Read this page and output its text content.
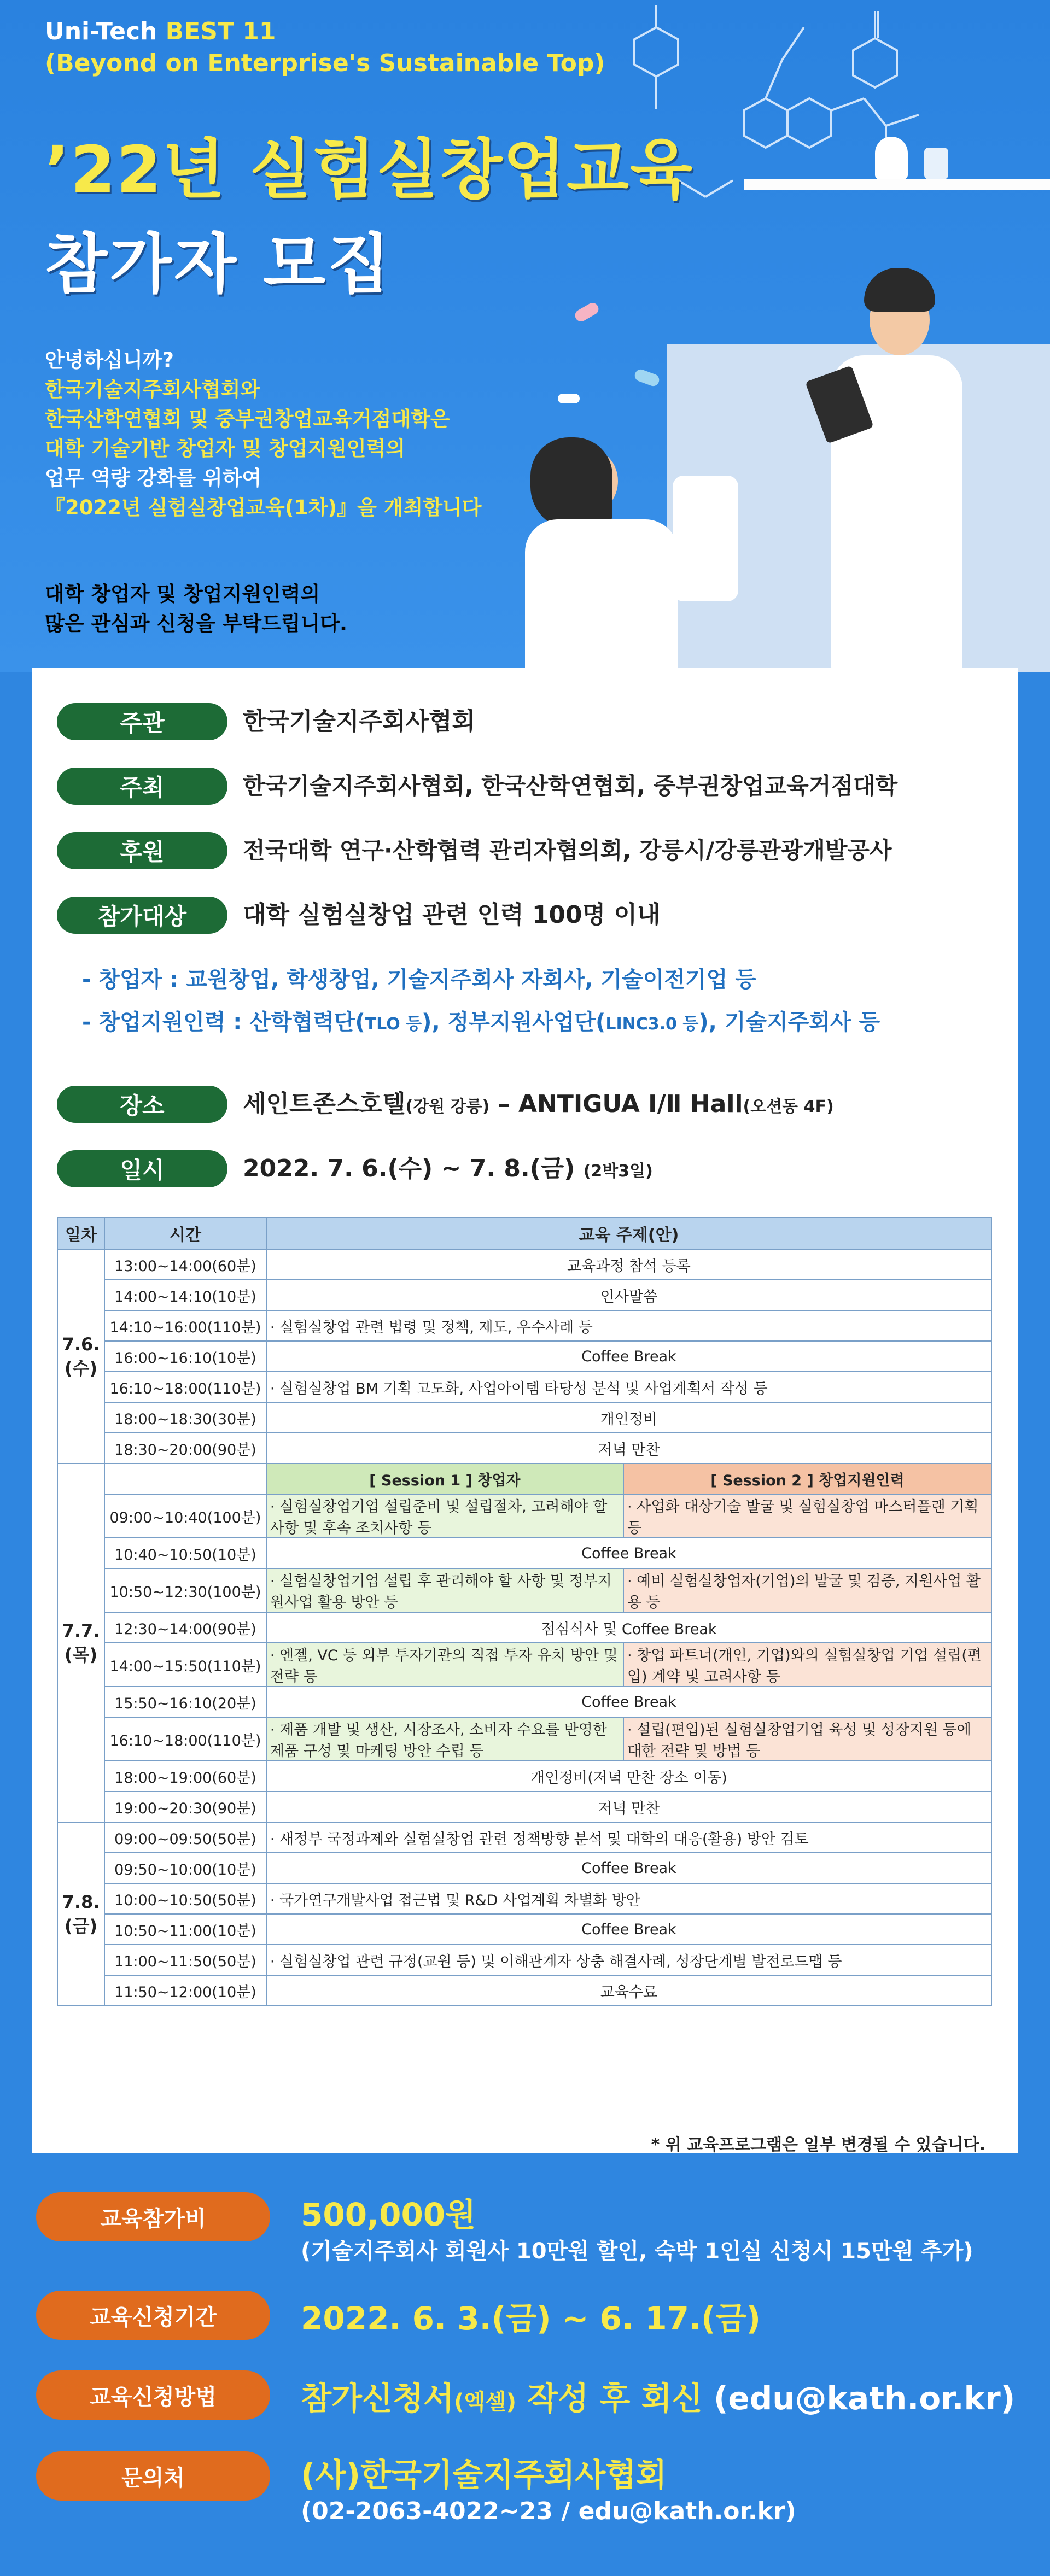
Uni-Tech BEST 11
(Beyond on Enterprise's Sustainable Top)
’22년 실험실창업교육
참가자 모집
안녕하십니까?
한국기술지주회사협회와
한국산학연협회 및 중부권창업교육거점대학은
대학 기술기반 창업자 및 창업지원인력의
업무 역량 강화를 위하여
『2022년 실험실창업교육(1차)』을 개최합니다
대학 창업자 및 창업지원인력의
많은 관심과 신청을 부탁드립니다.
주관	한국기술지주회사협회
주최	한국기술지주회사협회, 한국산학연협회, 중부권창업교육거점대학
후원	전국대학 연구·산학협력 관리자협의회, 강릉시/강릉관광개발공사
참가대상	대학 실험실창업 관련 인력 100명 이내
- 창업자 : 교원창업, 학생창업, 기술지주회사 자회사, 기술이전기업 등
- 창업지원인력 : 산학협력단(TLO 등), 정부지원사업단(LINC3.0 등), 기술지주회사 등
장소	세인트존스호텔(강원 강릉) – ANTIGUA Ⅰ/Ⅱ Hall(오션동 4F)
일시	2022. 7. 6.(수) ~ 7. 8.(금) (2박3일)
일차	시간	교육 주제(안)	

7.6.
(수)	13:00~14:00(60분)	교육과정 참석 등록	
	14:00~14:10(10분)	인사말씀	
	14:10~16:00(110분)	· 실험실창업 관련 법령 및 정책, 제도, 우수사례 등	
	16:00~16:10(10분)	Coffee Break	
	16:10~18:00(110분)	· 실험실창업 BM 기획 고도화, 사업아이템 타당성 분석 및 사업계획서 작성 등	
	18:00~18:30(30분)	개인정비	
	18:30~20:00(90분)	저녁 만찬	

7.7.
(목)		[ Session 1 ] 창업자	[ Session 2 ] 창업지원인력
	09:00~10:40(100분)	· 실험실창업기업 설립준비 및 설립절차, 고려해야 할 사항 및 후속 조치사항 등	· 사업화 대상기술 발굴 및 실험실창업 마스터플랜 기획 등
	10:40~10:50(10분)	Coffee Break	
	10:50~12:30(100분)	· 실험실창업기업 설립 후 관리해야 할 사항 및 정부지원사업 활용 방안 등	· 예비 실험실창업자(기업)의 발굴 및 검증, 지원사업 활용 등
	12:30~14:00(90분)	점심식사 및 Coffee Break	
	14:00~15:50(110분)	· 엔젤, VC 등 외부 투자기관의 직접 투자 유치 방안 및 전략 등	· 창업 파트너(개인, 기업)와의 실험실창업 기업 설립(편입) 계약 및 고려사항 등
	15:50~16:10(20분)	Coffee Break	
	16:10~18:00(110분)	· 제품 개발 및 생산, 시장조사, 소비자 수요를 반영한 제품 구성 및 마케팅 방안 수립 등	· 설립(편입)된 실험실창업기업 육성 및 성장지원 등에 대한 전략 및 방법 등
	18:00~19:00(60분)	개인정비(저녁 만찬 장소 이동)	
	19:00~20:30(90분)	저녁 만찬	

7.8.
(금)	09:00~09:50(50분)	· 새정부 국정과제와 실험실창업 관련 정책방향 분석 및 대학의 대응(활용) 방안 검토	
	09:50~10:00(10분)	Coffee Break	
	10:00~10:50(50분)	· 국가연구개발사업 접근법 및 R&D 사업계획 차별화 방안	
	10:50~11:00(10분)	Coffee Break	
	11:00~11:50(50분)	· 실험실창업 관련 규정(교원 등) 및 이해관계자 상충 해결사례, 성장단계별 발전로드맵 등	
	11:50~12:00(10분)	교육수료	
* 위 교육프로그램은 일부 변경될 수 있습니다.
교육참가비	500,000원
(기술지주회사 회원사 10만원 할인, 숙박 1인실 신청시 15만원 추가)
교육신청기간	2022. 6. 3.(금) ~ 6. 17.(금)
교육신청방법	참가신청서(엑셀) 작성 후 회신 (edu@kath.or.kr)
문의처	(사)한국기술지주회사협회
(02-2063-4022~23 / edu@kath.or.kr)
